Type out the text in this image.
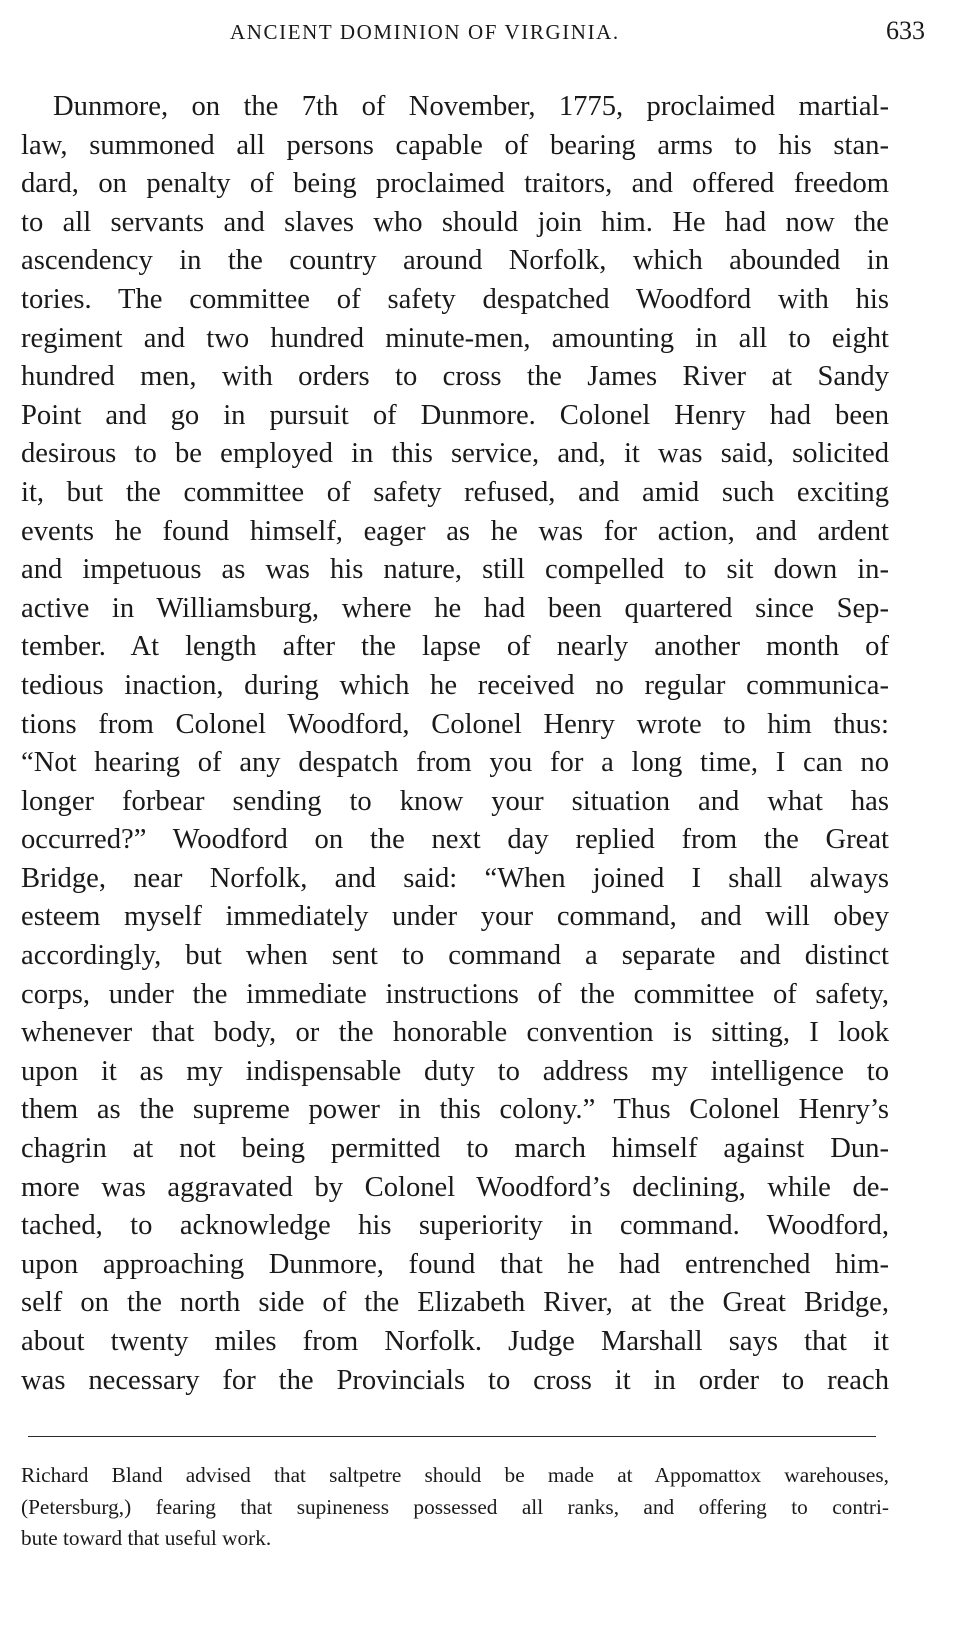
ANCIENT DOMINION OF VIRGINIA.	633
Dunmore, on the 7th of November, 1775, proclaimed martial-
law, summoned all persons capable of bearing arms to his stan-
dard, on penalty of being proclaimed traitors, and offered freedom
to all servants and slaves who should join him. He had now the
ascendency in the country around Norfolk, which abounded in
tories. The committee of safety despatched Woodford with his
regiment and two hundred minute-men, amounting in all to eight
hundred men, with orders to cross the James River at Sandy
Point and go in pursuit of Dunmore. Colonel Henry had been
desirous to be employed in this service, and, it was said, solicited
it, but the committee of safety refused, and amid such exciting
events he found himself, eager as he was for action, and ardent
and impetuous as was his nature, still compelled to sit down in-
active in Williamsburg, where he had been quartered since Sep-
tember. At length after the lapse of nearly another month of
tedious inaction, during which he received no regular communica-
tions from Colonel Woodford, Colonel Henry wrote to him thus:
“Not hearing of any despatch from you for a long time, I can no
longer forbear sending to know your situation and what has
occurred?” Woodford on the next day replied from the Great
Bridge, near Norfolk, and said: “When joined I shall always
esteem myself immediately under your command, and will obey
accordingly, but when sent to command a separate and distinct
corps, under the immediate instructions of the committee of safety,
whenever that body, or the honorable convention is sitting, I look
upon it as my indispensable duty to address my intelligence to
them as the supreme power in this colony.” Thus Colonel Henry’s
chagrin at not being permitted to march himself against Dun-
more was aggravated by Colonel Woodford’s declining, while de-
tached, to acknowledge his superiority in command. Woodford,
upon approaching Dunmore, found that he had entrenched him-
self on the north side of the Elizabeth River, at the Great Bridge,
about twenty miles from Norfolk. Judge Marshall says that it
was necessary for the Provincials to cross it in order to reach
Richard Bland advised that saltpetre should be made at Appomattox warehouses,
(Petersburg,) fearing that supineness possessed all ranks, and offering to contri-
bute toward that useful work.
